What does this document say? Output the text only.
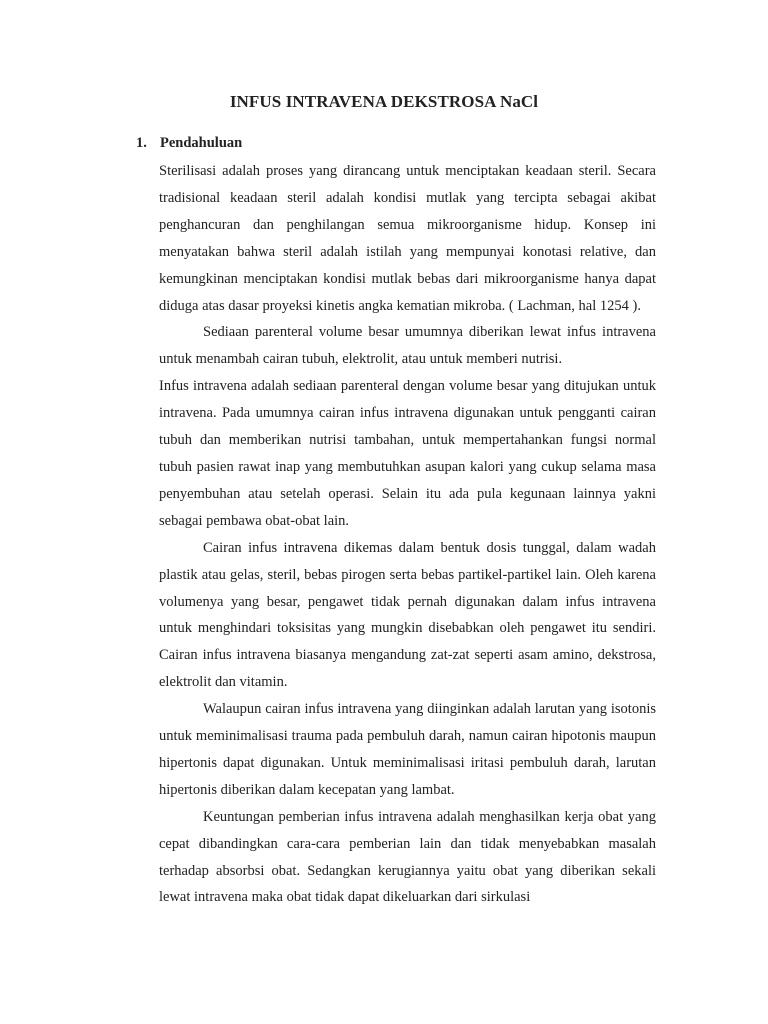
INFUS INTRAVENA DEKSTROSA NaCl
1. Pendahuluan

Sterilisasi adalah proses yang dirancang untuk menciptakan keadaan steril. Secara tradisional keadaan steril adalah kondisi mutlak yang tercipta sebagai akibat penghancuran dan penghilangan semua mikroorganisme hidup. Konsep ini menyatakan bahwa steril adalah istilah yang mempunyai konotasi relative, dan kemungkinan menciptakan kondisi mutlak bebas dari mikroorganisme hanya dapat diduga atas dasar proyeksi kinetis angka kematian mikroba. ( Lachman, hal 1254 ).

Sediaan parenteral volume besar umumnya diberikan lewat infus intravena untuk menambah cairan tubuh, elektrolit, atau untuk memberi nutrisi.

Infus intravena adalah sediaan parenteral dengan volume besar yang ditujukan untuk intravena. Pada umumnya cairan infus intravena digunakan untuk pengganti cairan tubuh dan memberikan nutrisi tambahan, untuk mempertahankan fungsi normal tubuh pasien rawat inap yang membutuhkan asupan kalori yang cukup selama masa penyembuhan atau setelah operasi. Selain itu ada pula kegunaan lainnya yakni sebagai pembawa obat-obat lain.

Cairan infus intravena dikemas dalam bentuk dosis tunggal, dalam wadah plastik atau gelas, steril, bebas pirogen serta bebas partikel-partikel lain. Oleh karena volumenya yang besar, pengawet tidak pernah digunakan dalam infus intravena untuk menghindari toksisitas yang mungkin disebabkan oleh pengawet itu sendiri. Cairan infus intravena biasanya mengandung zat-zat seperti asam amino, dekstrosa, elektrolit dan vitamin.

Walaupun cairan infus intravena yang diinginkan adalah larutan yang isotonis untuk meminimalisasi trauma pada pembuluh darah, namun cairan hipotonis maupun hipertonis dapat digunakan. Untuk meminimalisasi iritasi pembuluh darah, larutan hipertonis diberikan dalam kecepatan yang lambat.

Keuntungan pemberian infus intravena adalah menghasilkan kerja obat yang cepat dibandingkan cara-cara pemberian lain dan tidak menyebabkan masalah terhadap absorbsi obat. Sedangkan kerugiannya yaitu obat yang diberikan sekali lewat intravena maka obat tidak dapat dikeluarkan dari sirkulasi
